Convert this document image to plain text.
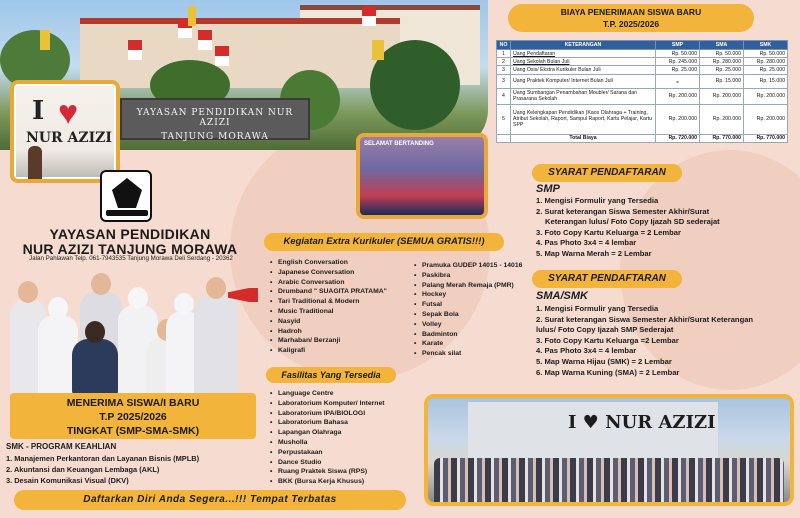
YAYASAN PENDIDIKAN NUR AZIZI
TANJUNG MORAWA
I ♥
NUR AZIZI	SELAMAT BERTANDING
YAYASAN PENDIDIKAN
NUR AZIZI TANJUNG MORAWA
Jalan Pahlawan Telp. 061-7943535 Tanjung Morawa Deli Serdang - 20362
MENERIMA SISWA/I BARU
T.P 2025/2026
TINGKAT (SMP-SMA-SMK)
SMK - PROGRAM KEAHLIAN
1. Manajemen Perkantoran dan Layanan Bisnis (MPLB)
2. Akuntansi dan Keuangan Lembaga (AKL)
3. Desain Komunikasi Visual (DKV)
Kegiatan Extra Kurikuler (SEMUA GRATIS!!!)
• English Conversation
• Japanese Conversation
• Arabic Conversation
• Drumband " SUAGITA PRATAMA"
• Tari Traditional & Modern
• Music Traditional
• Nasyid
• Hadroh
• Marhaban/ Berzanji
• Kaligrafi
• Pramuka GUDEP 14015 - 14016
• Paskibra
• Palang Merah Remaja (PMR)
• Hockey
• Futsal
• Sepak Bola
• Volley
• Badminton
• Karate
• Pencak silat
Fasilitas Yang Tersedia
• Language Centre
• Laboratorium Komputer/ Internet
• Laboratorium IPA/BIOLOGI
• Laboratorium Bahasa
• Lapangan Olahraga
• Musholla
• Perpustakaan
• Dance Studio
• Ruang Praktek Siswa (RPS)
• BKK (Bursa Kerja Khusus)
Daftarkan Diri Anda Segera...!!! Tempat Terbatas
BIAYA PENERIMAAN SISWA BARU
T.P. 2025/2026
NO	KETERANGAN	SMP	SMA	SMK
1	Uang Pendaftaran	Rp. 50.000	Rp. 50.000	Rp. 50.000
2	Uang Sekolah Bulan Juli	Rp. 245.000	Rp. 280.000	Rp. 280.000
3	Uang Osis/ Ekstra Kurikuler Bulan Juli	Rp. 25.000	Rp. 25.000	Rp. 25.000
3	Uang Praktek Komputer/ Internet Bulan Juli	-	Rp. 15.000	Rp. 15.000
4	Uang Sumbangan Penambahan Moubler/ Sarana dan Prasarana Sekolah	Rp. 200.000	Rp. 200.000	Rp. 200.000
5	Uang Kelengkapan Pendidikan (Kaos Olahraga + Training, Atribut Sekolah, Raport, Sampul Raport, Kartu Pelajar, Kartu SPP	Rp. 200.000	Rp. 200.000	Rp. 200.000
	Total Biaya	Rp. 720.000	Rp. 770.000	Rp. 770.000
SYARAT PENDAFTARAN
SMP
1. Mengisi Formulir yang Tersedia
2. Surat keterangan Siswa Semester Akhir/Surat
Keterangan lulus/ Foto Copy Ijazah SD sederajat
3. Foto Copy Kartu Keluarga = 2 Lembar
4. Pas Photo 3x4 = 4 lembar
5. Map Warna Merah = 2 Lembar
SYARAT PENDAFTARAN
SMA/SMK
1. Mengisi Formulir yang Tersedia
2. Surat keterangan Siswa Semester Akhir/Surat Keterangan
lulus/ Foto Copy Ijazah SMP Sederajat
3. Foto Copy Kartu Keluarga =2 Lembar
4. Pas Photo 3x4 = 4 lembar
5. Map Warna Hijau (SMK) = 2 Lembar
6. Map Warna Kuning (SMA) = 2 Lembar
I ♥ NUR AZIZI
